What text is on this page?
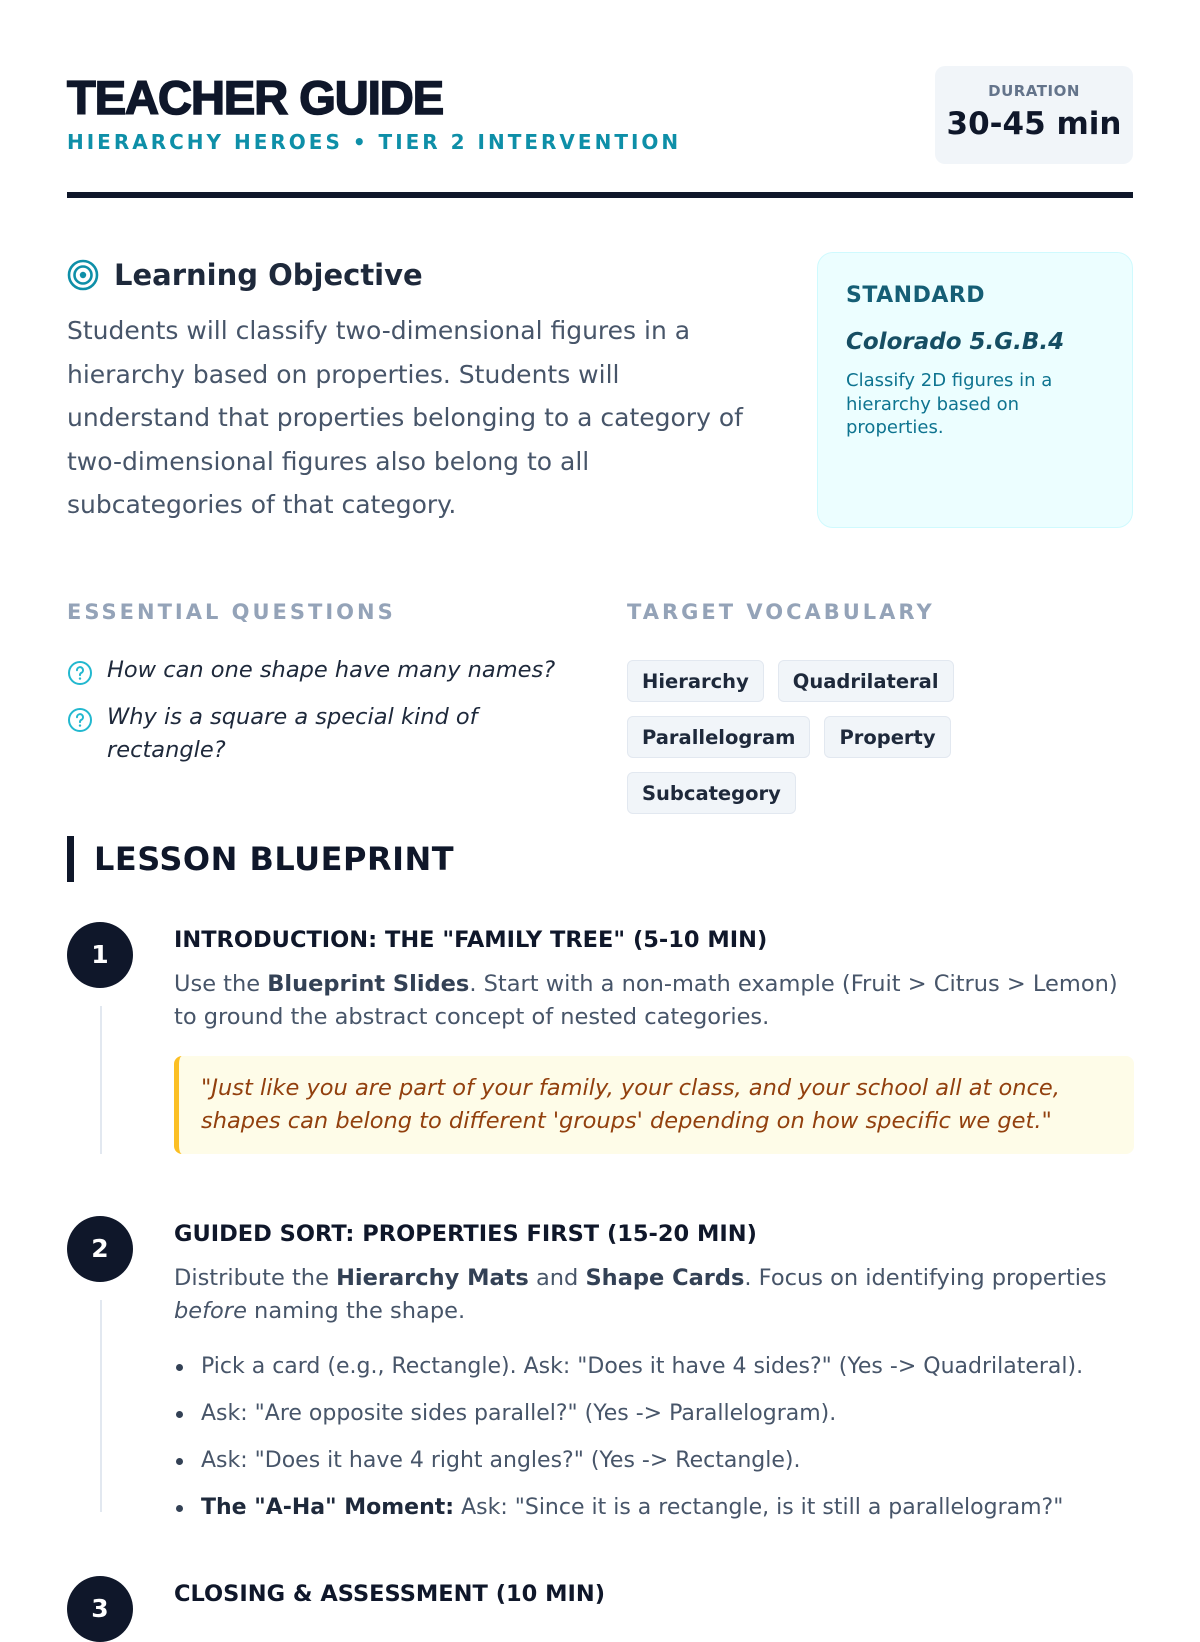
TEACHER GUIDE
HIERARCHY HEROES • TIER 2 INTERVENTION
DURATION
30-45 min
Learning Objective
Students will classify two-dimensional figures in a hierarchy based on properties. Students will understand that properties belonging to a category of two-dimensional figures also belong to all subcategories of that category.
STANDARD
Colorado 5.G.B.4
Classify 2D figures in a hierarchy based on properties.
ESSENTIAL QUESTIONS
How can one shape have many names?
Why is a square a special kind of rectangle?
TARGET VOCABULARY
Hierarchy	Quadrilateral
Parallelogram	Property
Subcategory
LESSON BLUEPRINT
1	INTRODUCTION: THE "FAMILY TREE" (5-10 MIN)
Use the Blueprint Slides. Start with a non-math example (Fruit > Citrus > Lemon) to ground the abstract concept of nested categories.
"Just like you are part of your family, your class, and your school all at once, shapes can belong to different 'groups' depending on how specific we get."
2	GUIDED SORT: PROPERTIES FIRST (15-20 MIN)
Distribute the Hierarchy Mats and Shape Cards. Focus on identifying properties before naming the shape.
Pick a card (e.g., Rectangle). Ask: "Does it have 4 sides?" (Yes -> Quadrilateral).
Ask: "Are opposite sides parallel?" (Yes -> Parallelogram).
Ask: "Does it have 4 right angles?" (Yes -> Rectangle).
The "A-Ha" Moment: Ask: "Since it is a rectangle, is it still a parallelogram?"
3	CLOSING & ASSESSMENT (10 MIN)
